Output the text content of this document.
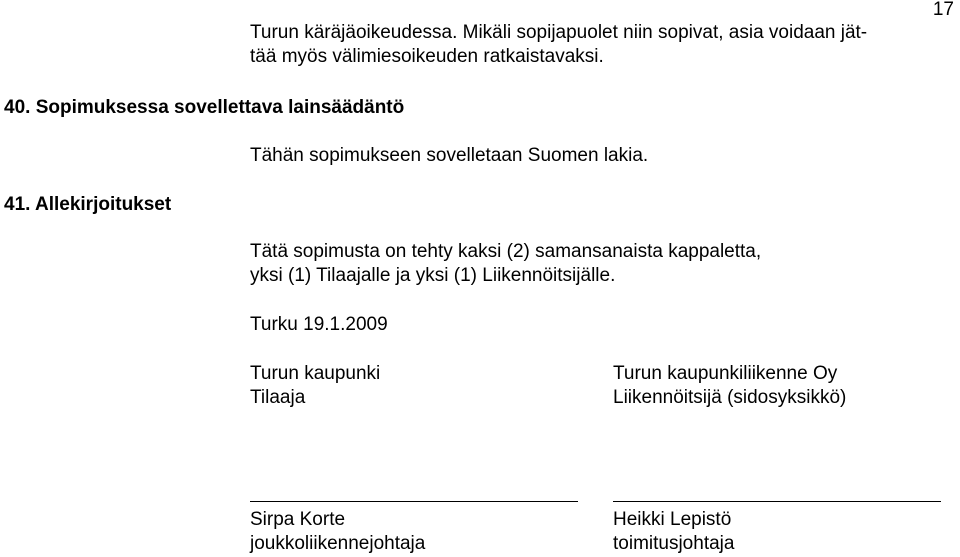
17
Turun käräjäoikeudessa. Mikäli sopijapuolet niin sopivat, asia voidaan jät-
tää myös välimiesoikeuden ratkaistavaksi.
40. Sopimuksessa sovellettava lainsäädäntö
Tähän sopimukseen sovelletaan Suomen lakia.
41. Allekirjoitukset
Tätä sopimusta on tehty kaksi (2) samansanaista kappaletta,
yksi (1) Tilaajalle ja yksi (1) Liikennöitsijälle.
Turku 19.1.2009
Turun kaupunki
Tilaaja
Turun kaupunkiliikenne Oy
Liikennöitsijä (sidosyksikkö)
Sirpa Korte
joukkoliikennejohtaja
Heikki Lepistö
toimitusjohtaja
